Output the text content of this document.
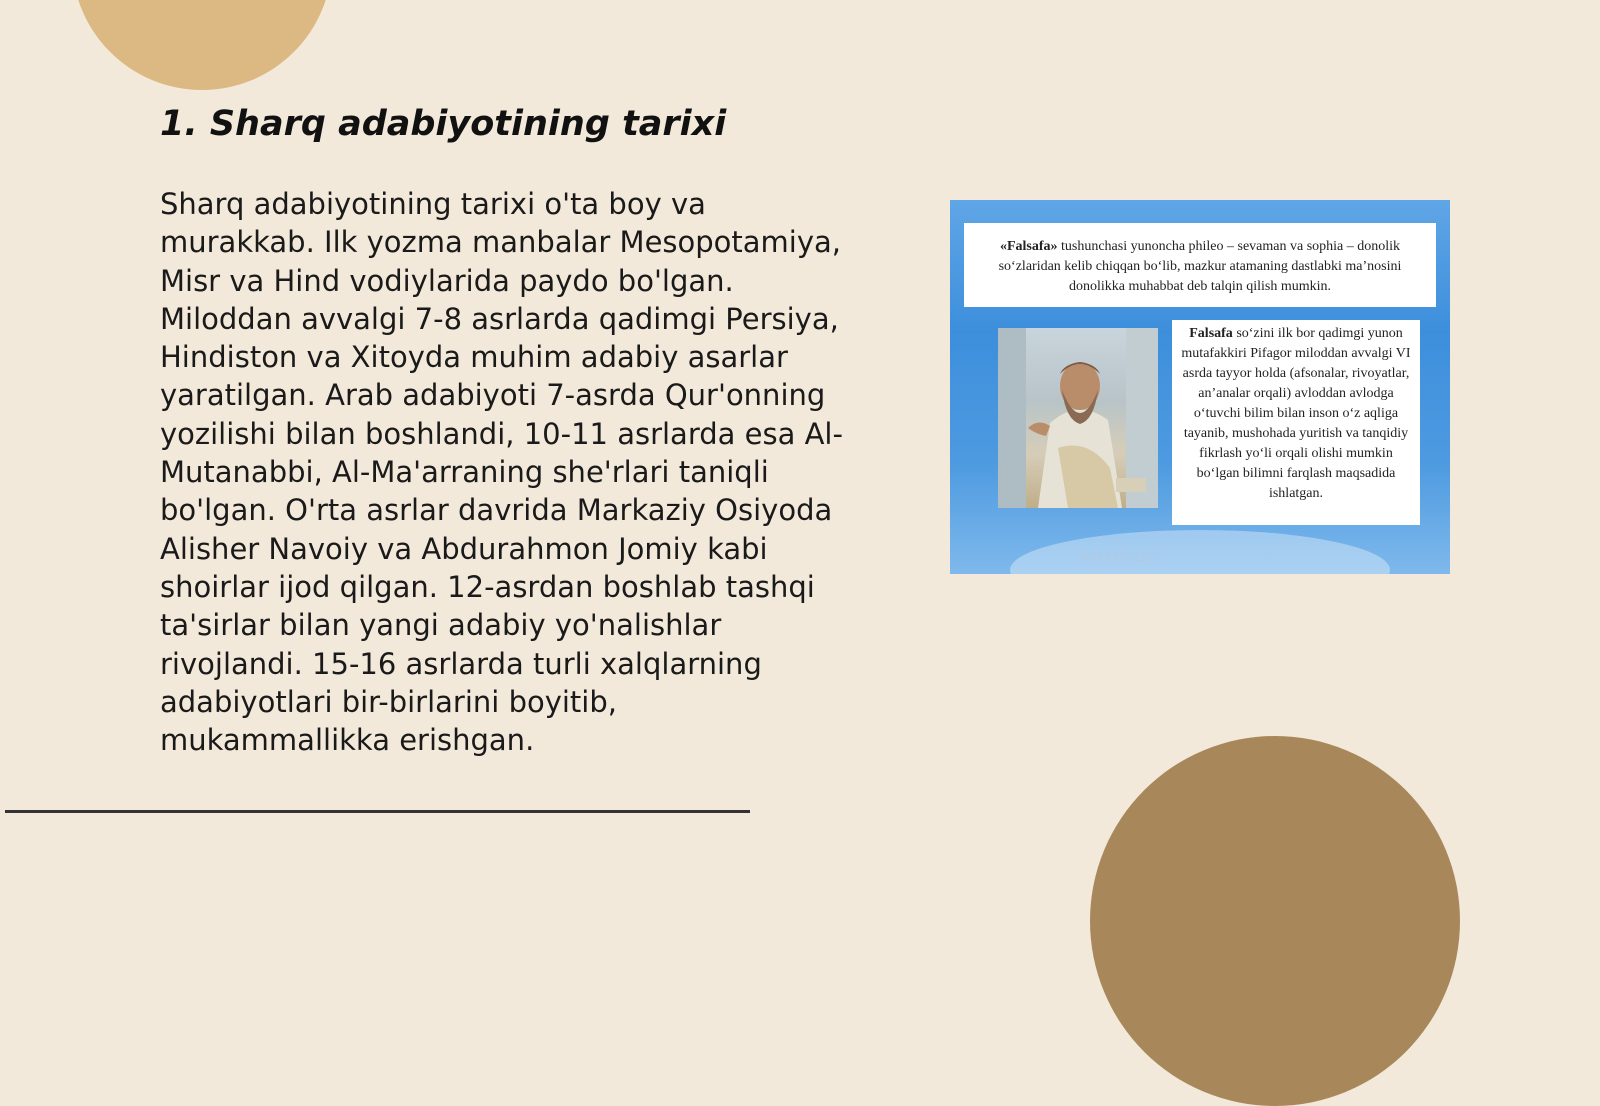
1. Sharq adabiyotining tarixi

Sharq adabiyotining tarixi o'ta boy va murakkab. Ilk yozma manbalar Mesopotamiya, Misr va Hind vodiylarida paydo bo'lgan. Miloddan avvalgi 7-8 asrlarda qadimgi Persiya, Hindiston va Xitoyda muhim adabiy asarlar yaratilgan. Arab adabiyoti 7-asrda Qur'onning yozilishi bilan boshlandi, 10-11 asrlarda esa Al-Mutanabbi, Al-Ma'arraning she'rlari taniqli bo'lgan. O'rta asrlar davrida Markaziy Osiyoda Alisher Navoiy va Abdurahmon Jomiy kabi shoirlar ijod qilgan. 12-asrdan boshlab tashqi ta'sirlar bilan yangi adabiy yo'nalishlar rivojlandi. 15-16 asrlarda turli xalqlarning adabiyotlari bir-birlarini boyitib, mukammallikka erishgan.

«Falsafa» tushunchasi yunoncha phileo – sevaman va sophia – donolik so‘zlaridan kelib chiqqan bo‘lib, mazkur atamaning dastlabki ma’nosini donolikka muhabbat deb talqin qilish mumkin.
Falsafa so‘zini ilk bor qadimgi yunon mutafakkiri Pifagor miloddan avvalgi VI asrda tayyor holda (afsonalar, rivoyatlar, an’analar orqali) avloddan avlodga o‘tuvchi bilim bilan inson o‘z aqliga tayanib, mushohada yuritish va tanqidiy fikrlash yo‘li orqali olishi mumkin bo‘lgan bilimni farqlash maqsadida ishlatgan.
ARXIV.UZ
